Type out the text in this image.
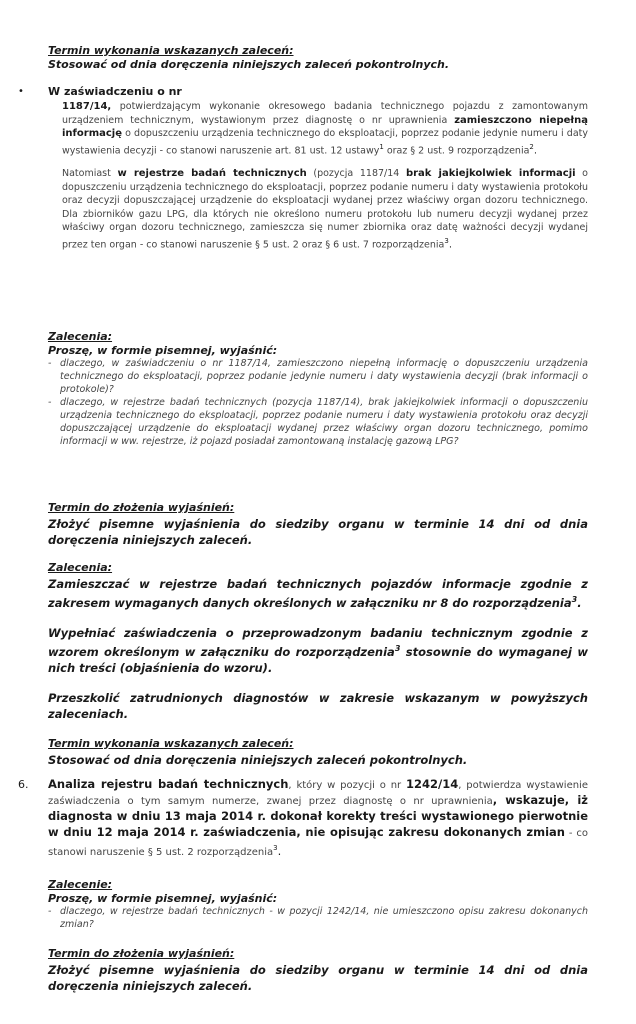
Termin wykonania wskazanych zaleceń:

Stosować od dnia doręczenia niniejszych zaleceń pokontrolnych.

• W zaświadczeniu o nr

1187/14, potwierdzającym wykonanie okresowego badania technicznego pojazdu z zamontowanym urządzeniem technicznym, wystawionym przez diagnostę o nr uprawnienia zamieszczono niepełną informację o dopuszczeniu urządzenia technicznego do eksploatacji, poprzez podanie jedynie numeru i daty wystawienia decyzji - co stanowi naruszenie art. 81 ust. 12 ustawy$^1$ oraz § 2 ust. 9 rozporządzenia$^2$.

Natomiast w rejestrze badań technicznych (pozycja 1187/14 brak jakiejkolwiek informacji o dopuszczeniu urządzenia technicznego do eksploatacji, poprzez podanie numeru i daty wystawienia protokołu oraz decyzji dopuszczającej urządzenie do eksploatacji wydanej przez właściwy organ dozoru technicznego. Dla zbiorników gazu LPG, dla których nie określono numeru protokołu lub numeru decyzji wydanej przez właściwy organ dozoru technicznego, zamieszcza się numer zbiornika oraz datę ważności decyzji wydanej przez ten organ - co stanowi naruszenie § 5 ust. 2 oraz § 6 ust. 7 rozporządzenia$^3$.

Zalecenia:

Proszę, w formie pisemnej, wyjaśnić:

- dlaczego, w zaświadczeniu o nr 1187/14, zamieszczono niepełną informację o dopuszczeniu urządzenia technicznego do eksploatacji, poprzez podanie jedynie numeru i daty wystawienia decyzji (brak informacji o protokole)?
- dlaczego, w rejestrze badań technicznych (pozycja 1187/14), brak jakiejkolwiek informacji o dopuszczeniu urządzenia technicznego do eksploatacji, poprzez podanie numeru i daty wystawienia protokołu oraz decyzji dopuszczającej urządzenie do eksploatacji wydanej przez właściwy organ dozoru technicznego, pomimo informacji w ww. rejestrze, iż pojazd posiadał zamontowaną instalację gazową LPG?

Termin do złożenia wyjaśnień:

Złożyć pisemne wyjaśnienia do siedziby organu w terminie 14 dni od dnia doręczenia niniejszych zaleceń.

Zalecenia:

Zamieszczać w rejestrze badań technicznych pojazdów informacje zgodnie z zakresem wymaganych danych określonych w załączniku nr 8 do rozporządzenia$^3$.

Wypełniać zaświadczenia o przeprowadzonym badaniu technicznym zgodnie z wzorem określonym w załączniku do rozporządzenia$^3$ stosownie do wymaganej w nich treści (objaśnienia do wzoru).

Przeszkolić zatrudnionych diagnostów w zakresie wskazanym w powyższych zaleceniach.

Termin wykonania wskazanych zaleceń:

Stosować od dnia doręczenia niniejszych zaleceń pokontrolnych.

6. Analiza rejestru badań technicznych, który w pozycji o nr 1242/14, potwierdza wystawienie zaświadczenia o tym samym numerze, zwanej przez diagnostę o nr uprawnienia, wskazuje, iż diagnosta w dniu 13 maja 2014 r. dokonał korekty treści wystawionego pierwotnie w dniu 12 maja 2014 r. zaświadczenia, nie opisując zakresu dokonanych zmian - co stanowi naruszenie § 5 ust. 2 rozporządzenia$^3$.

Zalecenie:

Proszę, w formie pisemnej, wyjaśnić:

- dlaczego, w rejestrze badań technicznych - w pozycji 1242/14, nie umieszczono opisu zakresu dokonanych zmian?

Termin do złożenia wyjaśnień:

Złożyć pisemne wyjaśnienia do siedziby organu w terminie 14 dni od dnia doręczenia niniejszych zaleceń.
